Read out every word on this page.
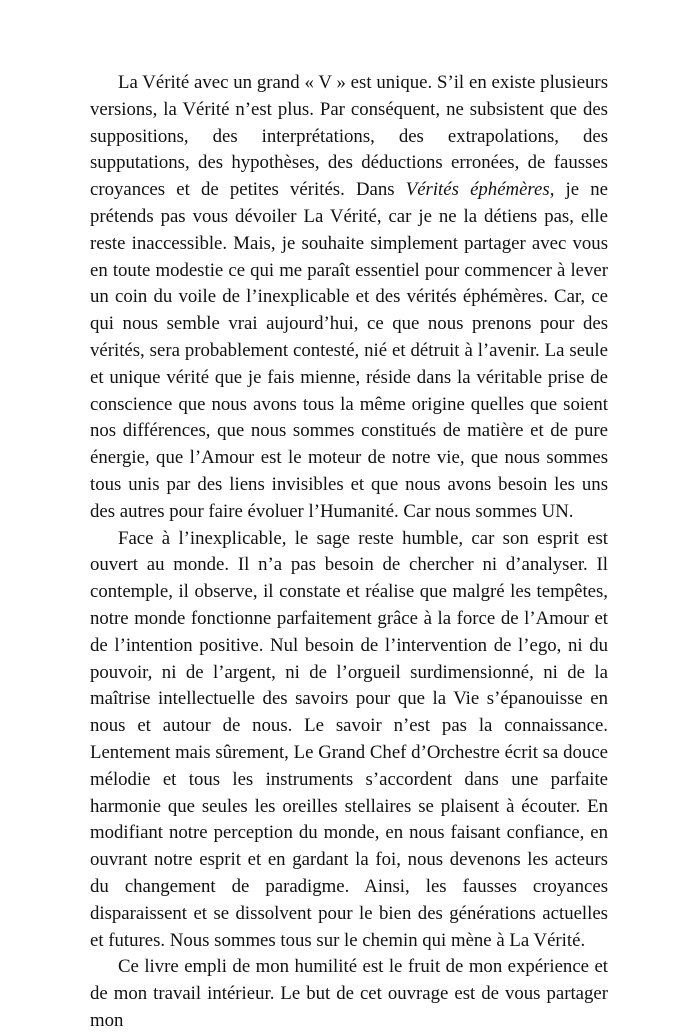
La Vérité avec un grand « V » est unique. S’il en existe plusieurs versions, la Vérité n’est plus. Par conséquent, ne subsistent que des suppositions, des interprétations, des extrapolations, des supputations, des hypothèses, des déductions erronées, de fausses croyances et de petites vérités. Dans Vérités éphémères, je ne prétends pas vous dévoiler La Vérité, car je ne la détiens pas, elle reste inaccessible. Mais, je souhaite simplement partager avec vous en toute modestie ce qui me paraît essentiel pour commencer à lever un coin du voile de l’inexplicable et des vérités éphémères. Car, ce qui nous semble vrai aujourd’hui, ce que nous prenons pour des vérités, sera probablement contesté, nié et détruit à l’avenir. La seule et unique vérité que je fais mienne, réside dans la véritable prise de conscience que nous avons tous la même origine quelles que soient nos différences, que nous sommes constitués de matière et de pure énergie, que l’Amour est le moteur de notre vie, que nous sommes tous unis par des liens invisibles et que nous avons besoin les uns des autres pour faire évoluer l’Humanité. Car nous sommes UN.

Face à l’inexplicable, le sage reste humble, car son esprit est ouvert au monde. Il n’a pas besoin de chercher ni d’analyser. Il contemple, il observe, il constate et réalise que malgré les tempêtes, notre monde fonctionne parfaitement grâce à la force de l’Amour et de l’intention positive. Nul besoin de l’intervention de l’ego, ni du pouvoir, ni de l’argent, ni de l’orgueil surdimensionné, ni de la maîtrise intellectuelle des savoirs pour que la Vie s’épanouisse en nous et autour de nous. Le savoir n’est pas la connaissance. Lentement mais sûrement, Le Grand Chef d’Orchestre écrit sa douce mélodie et tous les instruments s’accordent dans une parfaite harmonie que seules les oreilles stellaires se plaisent à écouter. En modifiant notre perception du monde, en nous faisant confiance, en ouvrant notre esprit et en gardant la foi, nous devenons les acteurs du changement de paradigme. Ainsi, les fausses croyances disparaissent et se dissolvent pour le bien des générations actuelles et futures. Nous sommes tous sur le chemin qui mène à La Vérité.

Ce livre empli de mon humilité est le fruit de mon expérience et de mon travail intérieur. Le but de cet ouvrage est de vous partager mon
